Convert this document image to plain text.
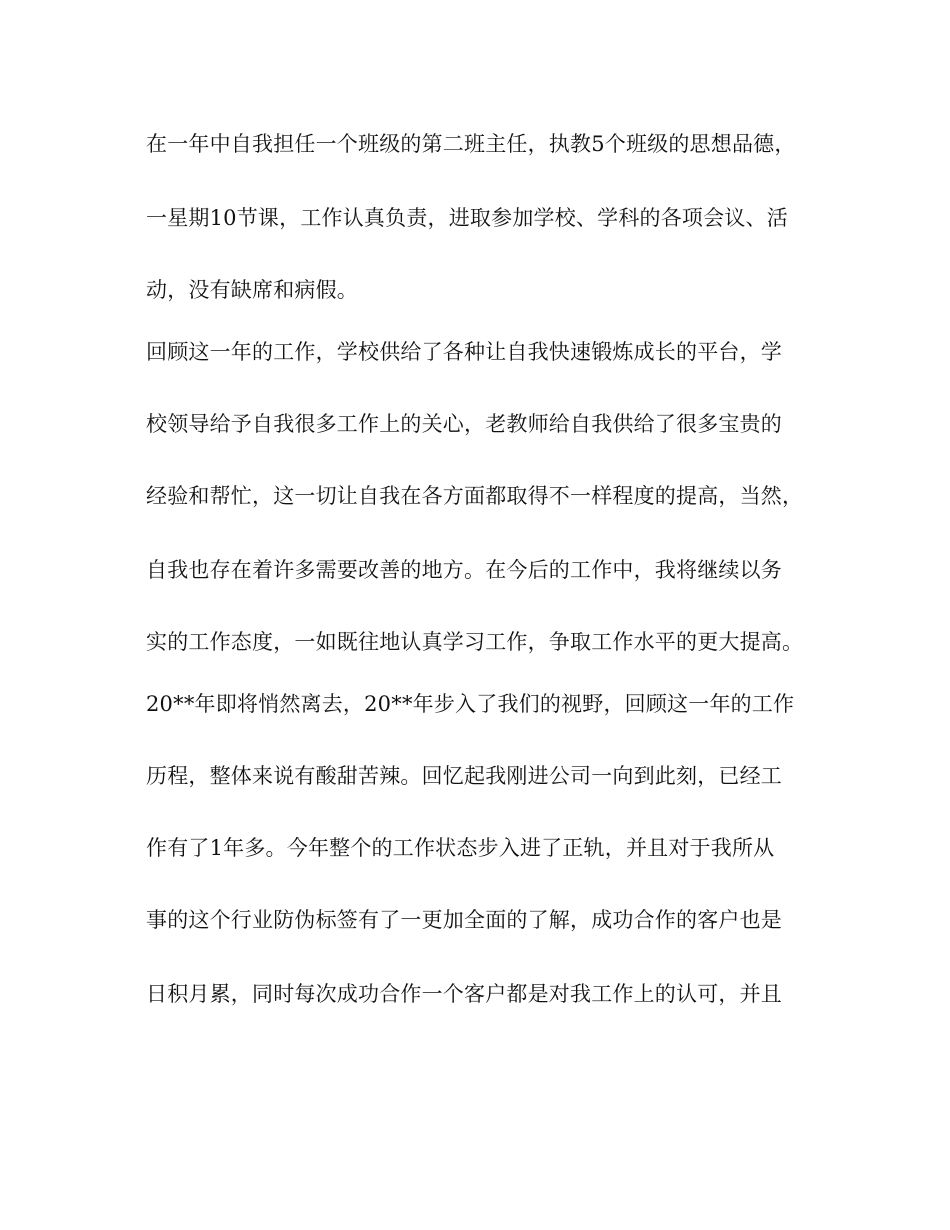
在一年中自我担任一个班级的第二班主任，执教5个班级的思想品德，
一星期10节课，工作认真负责，进取参加学校、学科的各项会议、活
动，没有缺席和病假。
回顾这一年的工作，学校供给了各种让自我快速锻炼成长的平台，学
校领导给予自我很多工作上的关心，老教师给自我供给了很多宝贵的
经验和帮忙，这一切让自我在各方面都取得不一样程度的提高，当然，
自我也存在着许多需要改善的地方。在今后的工作中，我将继续以务
实的工作态度，一如既往地认真学习工作，争取工作水平的更大提高。
20**年即将悄然离去，20**年步入了我们的视野，回顾这一年的工作
历程，整体来说有酸甜苦辣。回忆起我刚进公司一向到此刻，已经工
作有了1年多。今年整个的工作状态步入进了正轨，并且对于我所从
事的这个行业防伪标签有了一更加全面的了解，成功合作的客户也是
日积月累，同时每次成功合作一个客户都是对我工作上的认可，并且
